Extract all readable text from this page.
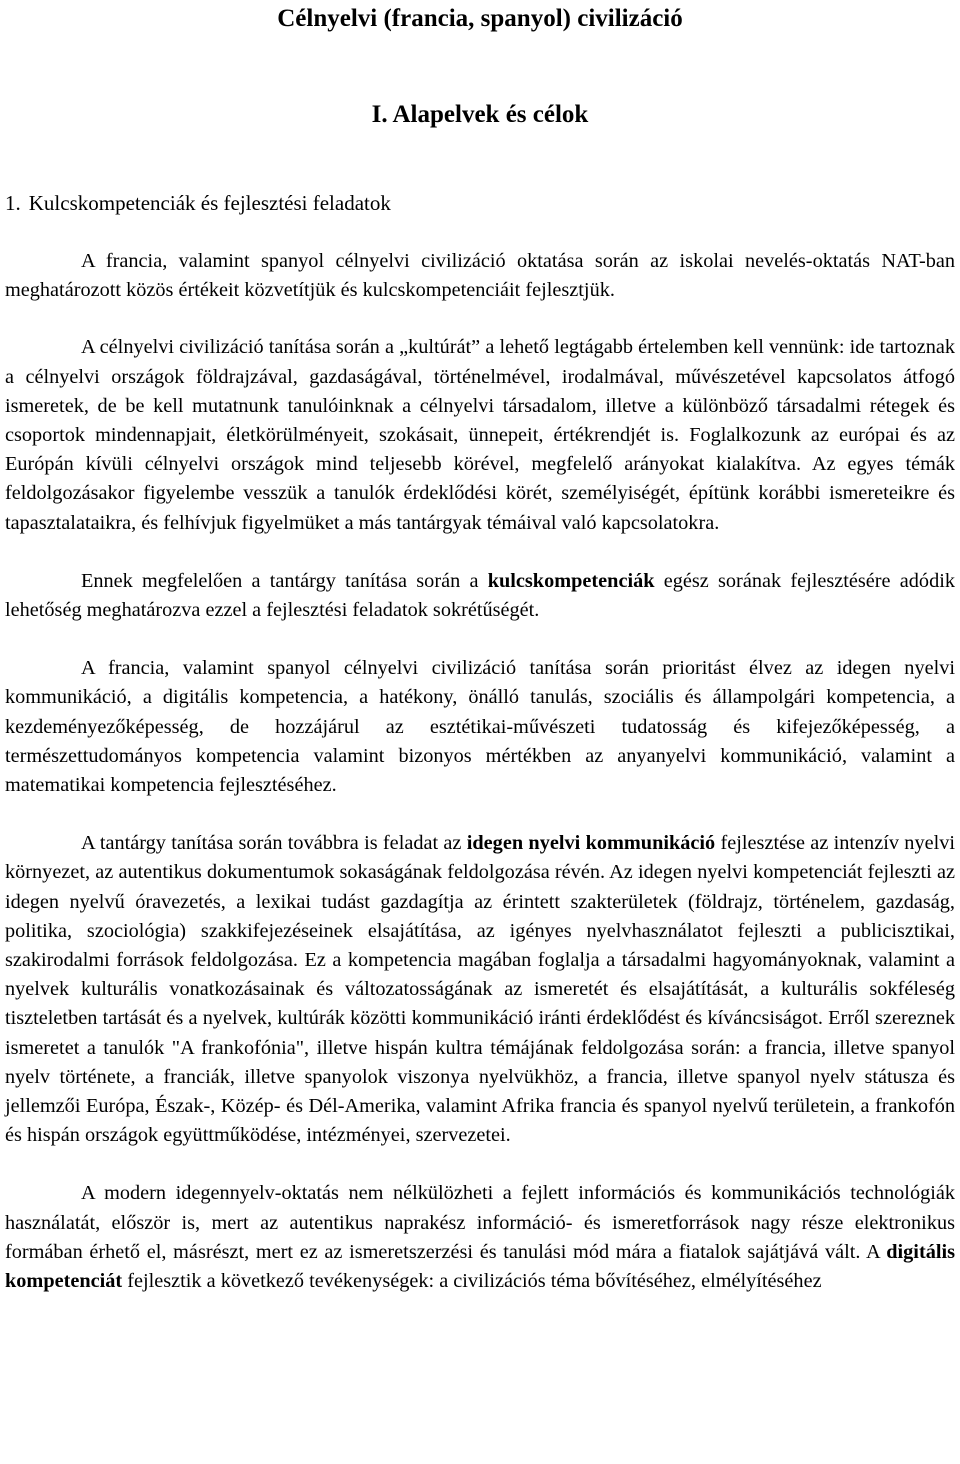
Célnyelvi (francia, spanyol) civilizáció
I. Alapelvek és célok
1. Kulcskompetenciák és fejlesztési feladatok

A francia, valamint spanyol célnyelvi civilizáció oktatása során az iskolai nevelés-oktatás NAT-ban meghatározott közös értékeit közvetítjük és kulcskompetenciáit fejlesztjük.

A célnyelvi civilizáció tanítása során a „kultúrát” a lehető legtágabb értelemben kell vennünk: ide tartoznak a célnyelvi országok földrajzával, gazdaságával, történelmével, irodalmával, művészetével kapcsolatos átfogó ismeretek, de be kell mutatnunk tanulóinknak a célnyelvi társadalom, illetve a különböző társadalmi rétegek és csoportok mindennapjait, életkörülményeit, szokásait, ünnepeit, értékrendjét is. Foglalkozunk az európai és az Európán kívüli célnyelvi országok mind teljesebb körével, megfelelő arányokat kialakítva. Az egyes témák feldolgozásakor figyelembe vesszük a tanulók érdeklődési körét, személyiségét, építünk korábbi ismereteikre és tapasztalataikra, és felhívjuk figyelmüket a más tantárgyak témáival való kapcsolatokra.

Ennek megfelelően a tantárgy tanítása során a kulcskompetenciák egész sorának fejlesztésére adódik lehetőség meghatározva ezzel a fejlesztési feladatok sokrétűségét.

A francia, valamint spanyol célnyelvi civilizáció tanítása során prioritást élvez az idegen nyelvi kommunikáció, a digitális kompetencia, a hatékony, önálló tanulás, szociális és állampolgári kompetencia, a kezdeményezőképesség, de hozzájárul az esztétikai-művészeti tudatosság és kifejezőképesség, a természettudományos kompetencia valamint bizonyos mértékben az anyanyelvi kommunikáció, valamint a matematikai kompetencia fejlesztéséhez.

A tantárgy tanítása során továbbra is feladat az idegen nyelvi kommunikáció fejlesztése az intenzív nyelvi környezet, az autentikus dokumentumok sokaságának feldolgozása révén. Az idegen nyelvi kompetenciát fejleszti az idegen nyelvű óravezetés, a lexikai tudást gazdagítja az érintett szakterületek (földrajz, történelem, gazdaság, politika, szociológia) szakkifejezéseinek elsajátítása, az igényes nyelvhasználatot fejleszti a publicisztikai, szakirodalmi források feldolgozása. Ez a kompetencia magában foglalja a társadalmi hagyományoknak, valamint a nyelvek kulturális vonatkozásainak és változatosságának az ismeretét és elsajátítását, a kulturális sokféleség tiszteletben tartását és a nyelvek, kultúrák közötti kommunikáció iránti érdeklődést és kíváncsiságot. Erről szereznek ismeretet a tanulók "A frankofónia", illetve hispán kultra témájának feldolgozása során: a francia, illetve spanyol nyelv története, a franciák, illetve spanyolok viszonya nyelvükhöz, a francia, illetve spanyol nyelv státusza és jellemzői Európa, Észak-, Közép- és Dél-Amerika, valamint Afrika francia és spanyol nyelvű területein, a frankofón és hispán országok együttműködése, intézményei, szervezetei.

A modern idegennyelv-oktatás nem nélkülözheti a fejlett információs és kommunikációs technológiák használatát, először is, mert az autentikus naprakész információ- és ismeretforrások nagy része elektronikus formában érhető el, másrészt, mert ez az ismeretszerzési és tanulási mód mára a fiatalok sajátjává vált. A digitális kompetenciát fejlesztik a következő tevékenységek: a civilizációs téma bővítéséhez, elmélyítéséhez
